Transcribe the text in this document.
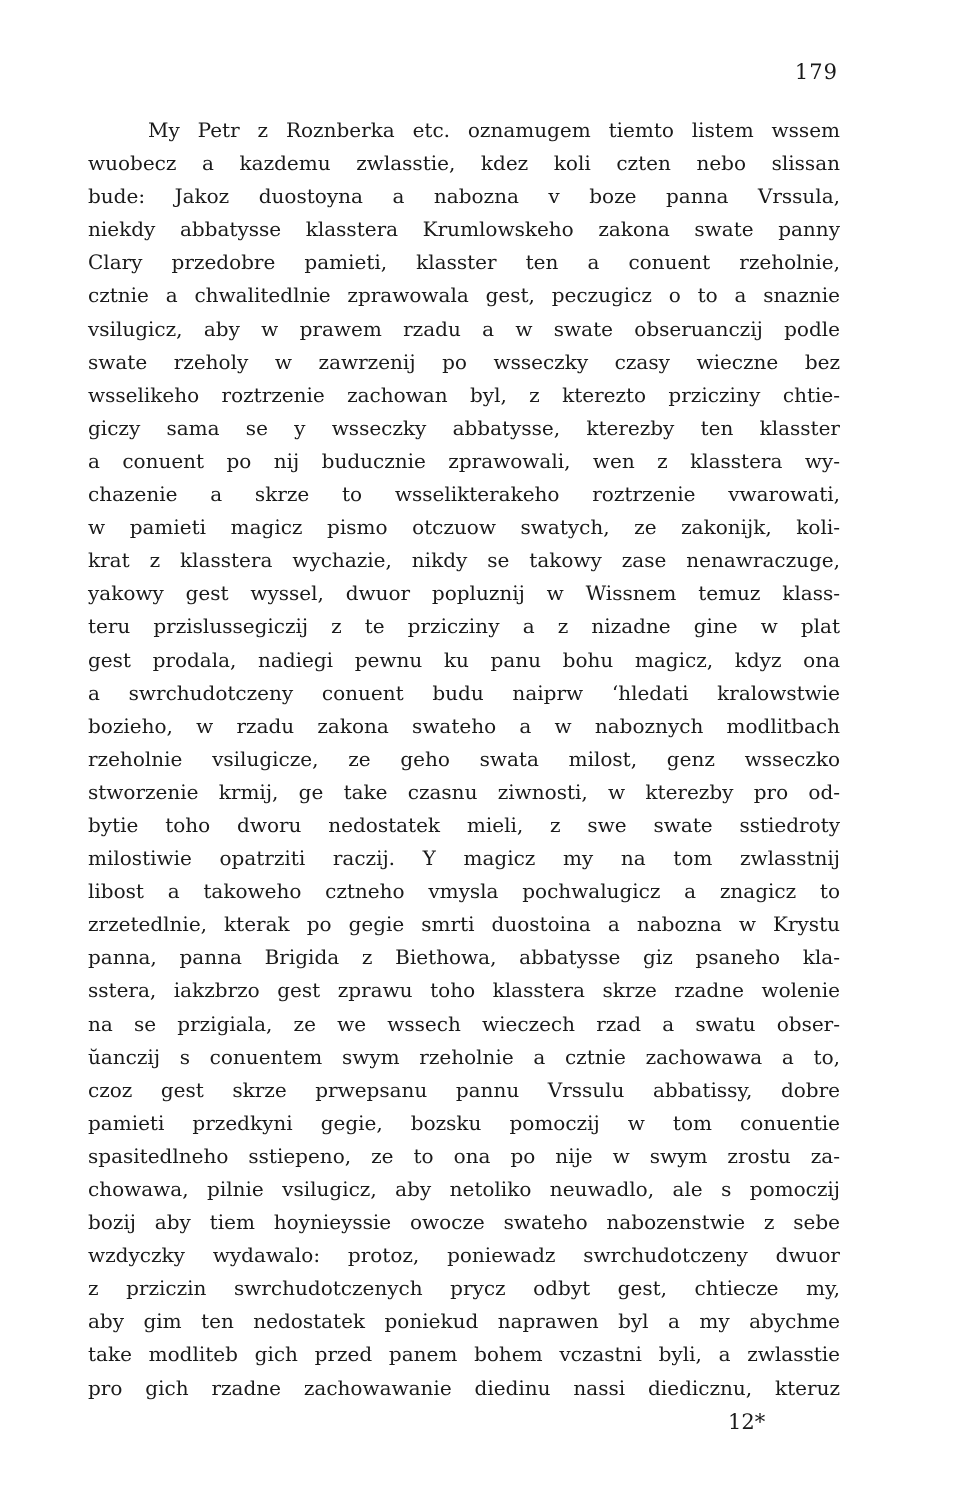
179
My Petr z Roznberka etc. oznamugem tiemto listem wssem
wuobecz a kazdemu zwlasstie, kdez koli czten nebo slissan
bude: Jakoz duostoyna a nabozna v boze panna Vrssula,
niekdy abbatysse klasstera Krumlowskeho zakona swate panny
Clary przedobre pamieti, klasster ten a conuent rzeholnie,
cztnie a chwalitedlnie zprawowala gest, peczugicz o to a snaznie
vsilugicz, aby w prawem rzadu a w swate obseruanczij podle
swate rzeholy w zawrzenij po wsseczky czasy wieczne bez
wsselikeho roztrzenie zachowan byl, z kterezto prziczinу chtie-
giczy sama se y wsseczky abbatysse, kterezby ten klasster
a conuent po nij buducznie zprawowali, wen z klasstera wy-
chazenie a skrze to wsselikterakeho roztrzenie vwarowati,
w pamieti magicz pismo otczuow swatych, ze zakonijk, koli-
krat z klasstera wychazie, nikdy se takowy zase nenawraczuge,
yakowy gest wyssel, dwuor popluznij w Wissnem temuz klass-
teru przislussegiczij z te prziczinу a z nizadne gine w plat
gest prodala, nadiegi pewnu ku panu bohu magicz, kdyz ona
a swrchudotczeny conuent budu naiprw ʻhledati kralowstwie
bozieho, w rzadu zakona swateho a w naboznych modlitbach
rzeholnie vsilugicze, ze geho swata milost, genz wsseczko
stworzenie krmij, ge take czasnu ziwnosti, w kterezby pro od-
bytie toho dworu nedostatek mieli, z swe swate sstiedroty
milostiwie opatrziti raczij. Y magicz my na tom zwlasstnij
libost a takoweho cztneho vmysla pochwalugicz a znagicz to
zrzetedlnie, kterak po gegie smrti duostoina a nabozna w Krystu
panna, panna Brigida z Biethowa, abbatysse giz psaneho kla-
sstera, iakzbrzo gest zprawu toho klasstera skrze rzadne wolenie
na se przigiala, ze we wssech wieczech rzad a swatu obser-
ŭanczij s conuentem swym rzeholnie a cztnie zachowawa a to,
czoz gest skrze prwepsanu pannu Vrssulu abbatissy, dobre
pamieti przedkyni gegie, bozsku pomoczij w tom conuentie
spasitedlneho sstiepeno, ze to ona po nije w swym zrostu za-
chowawa, pilnie vsilugicz, aby netoliko neuwadlo, ale s pomoczij
bozij aby tiem hoynieyssie owocze swateho nabozenstwie z sebe
wzdyczky wydawalo: protoz, poniewadz swrchudotczeny dwuor
z prziczin swrchudotczenych prycz odbyt gest, chtiecze my,
aby gim ten nedostatek poniekud naprawen byl a my abychme
take modliteb gich przed panem bohem vczastni byli, a zwlasstie
pro gich rzadne zachowawanie diedinu nassi diedicznu, kteruz
12*
